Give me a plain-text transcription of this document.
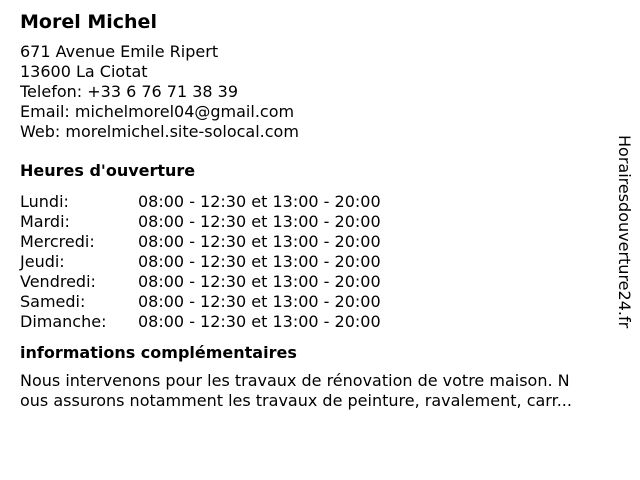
Morel Michel
671 Avenue Emile Ripert
13600 La Ciotat
Telefon: +33 6 76 71 38 39
Email: michelmorel04@gmail.com
Web: morelmichel.site-solocal.com
Heures d'ouverture
Lundi:	08:00 - 12:30 et 13:00 - 20:00
Mardi:	08:00 - 12:30 et 13:00 - 20:00
Mercredi:	08:00 - 12:30 et 13:00 - 20:00
Jeudi:	08:00 - 12:30 et 13:00 - 20:00
Vendredi:	08:00 - 12:30 et 13:00 - 20:00
Samedi:	08:00 - 12:30 et 13:00 - 20:00
Dimanche:	08:00 - 12:30 et 13:00 - 20:00
informations complémentaires
Nous intervenons pour les travaux de rénovation de votre maison. N
ous assurons notamment les travaux de peinture, ravalement, carr...
Horairesdouverture24.fr
